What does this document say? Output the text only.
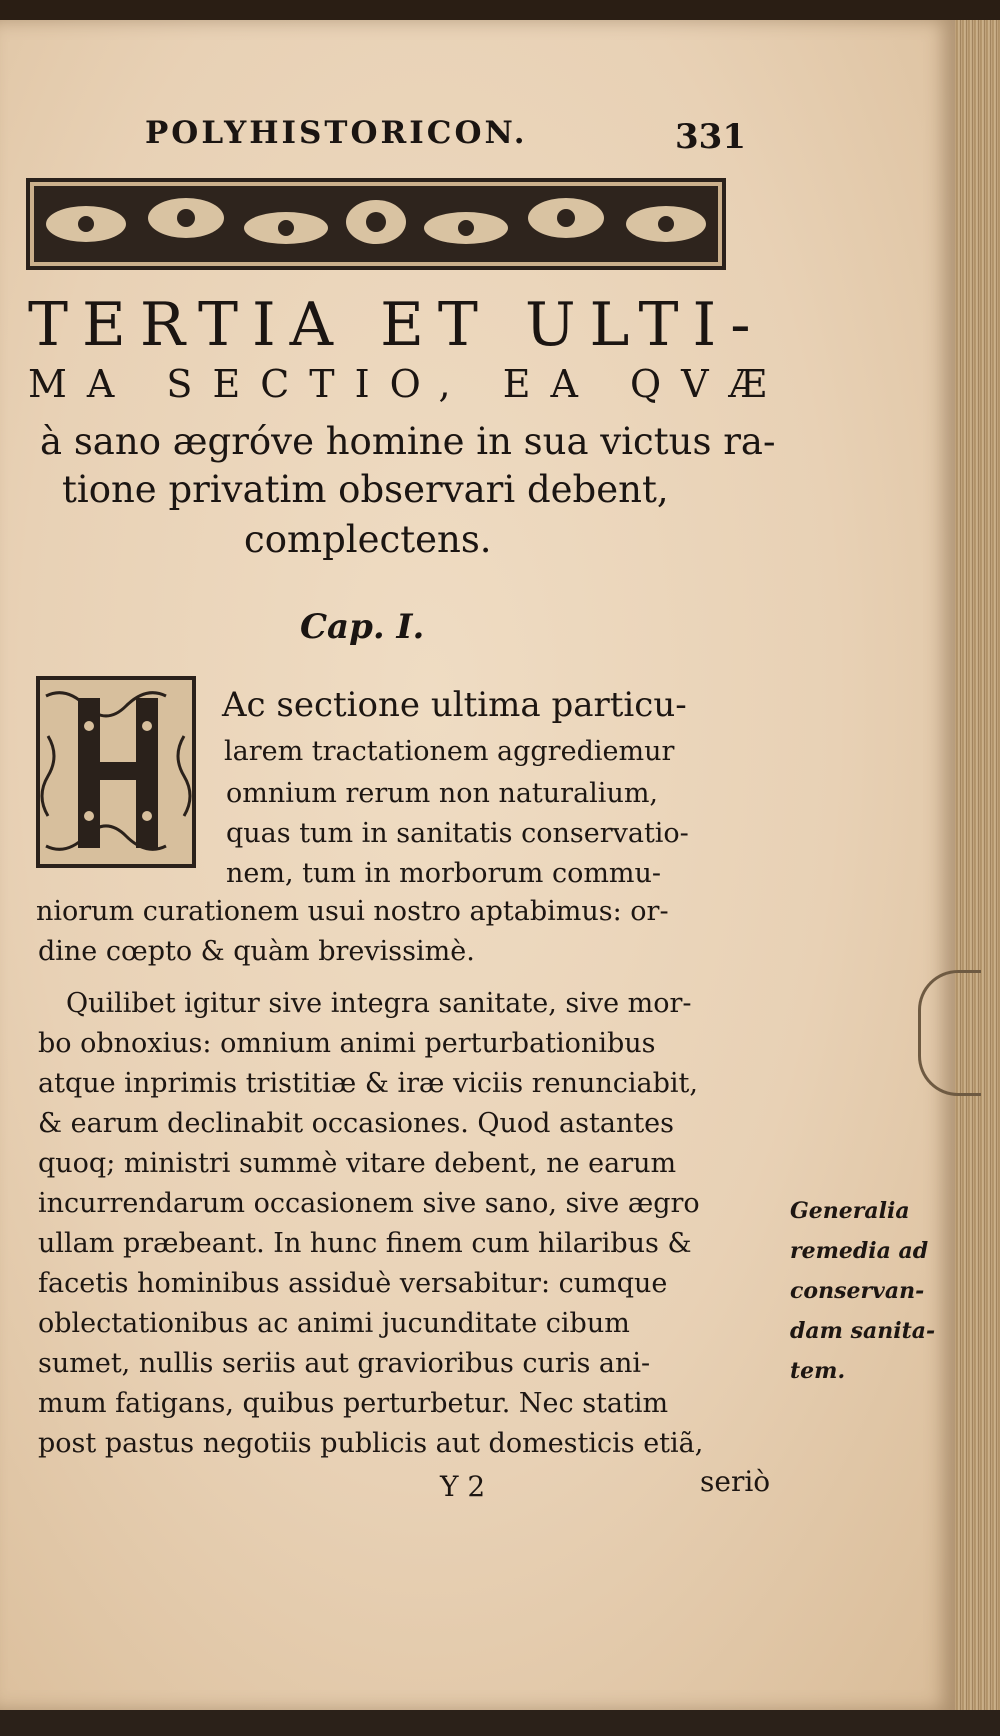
POLYHISTORICON.	331
TERTIA ET ULTI-
MA SECTIO, EA QVÆ
à sano ægróve homine in sua victus ra-
tione privatim observari debent,
complectens.
Cap. I.
Ac sectione ultima particu-
larem tractationem aggrediemur
omnium rerum non naturalium,
quas tum in sanitatis conservatio-
nem, tum in morborum commu-
niorum curationem usui nostro aptabimus: or-
dine cœpto & quàm brevissimè.
Quilibet igitur sive integra sanitate, sive mor-
bo obnoxius: omnium animi perturbationibus
atque inprimis tristitiæ & iræ viciis renunciabit,
& earum declinabit occasiones. Quod astantes
quoq; ministri summè vitare debent, ne earum
incurrendarum occasionem sive sano, sive ægro
ullam præbeant. In hunc finem cum hilaribus &
facetis hominibus assiduè versabitur: cumque
oblectationibus ac animi jucunditate cibum
sumet, nullis seriis aut gravioribus curis ani-
mum fatigans, quibus perturbetur. Nec statim
post pastus negotiis publicis aut domesticis etiã,
Generalia
remedia ad
conservan-
dam sanita-
tem.
Y 2	seriò
